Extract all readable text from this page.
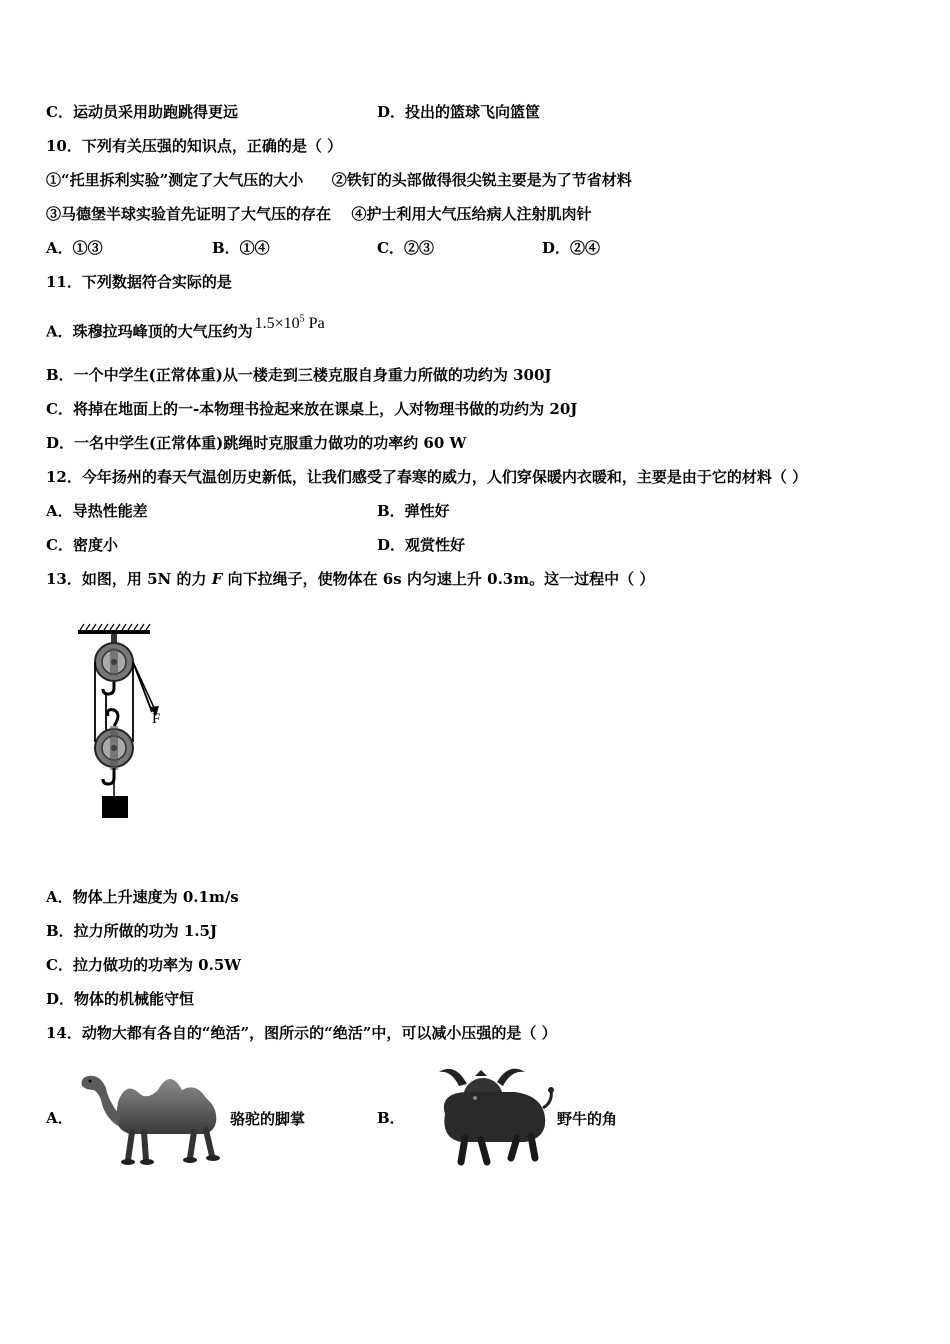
C．运动员采用助跑跳得更远	D．投出的篮球飞向篮筐
10．下列有关压强的知识点，正确的是（ ）
①“托里拆利实验”测定了大气压的大小 ②铁钉的头部做得很尖锐主要是为了节省材料
③马德堡半球实验首先证明了大气压的存在 ④护士利用大气压给病人注射肌肉针
A．①③	B．①④	C．②③	D．②④
11．下列数据符合实际的是
A．珠穆拉玛峰顶的大气压约为 $1.5\times 10^5$ Pa
B．一个中学生(正常体重)从一楼走到三楼克服自身重力所做的功约为 300J
C．将掉在地面上的一-本物理书捡起来放在课桌上，人对物理书做的功约为 20J
D．一名中学生(正常体重)跳绳时克服重力做功的功率约 60 W
12．今年扬州的春天气温创历史新低，让我们感受了春寒的威力，人们穿保暖内衣暖和，主要是由于它的材料（ ）
A．导热性能差	B．弹性好
C．密度小	D．观赏性好
13．如图，用 5N 的力 F 向下拉绳子，使物体在 6s 内匀速上升 0.3m。这一过程中（ ）
F
A．物体上升速度为 0.1m/s
B．拉力所做的功为 1.5J
C．拉力做功的功率为 0.5W
D．物体的机械能守恒
14．动物大都有各自的“绝活”，图所示的“绝活”中，可以减小压强的是（ ）
A．	骆驼的脚掌	B．	野牛的角
